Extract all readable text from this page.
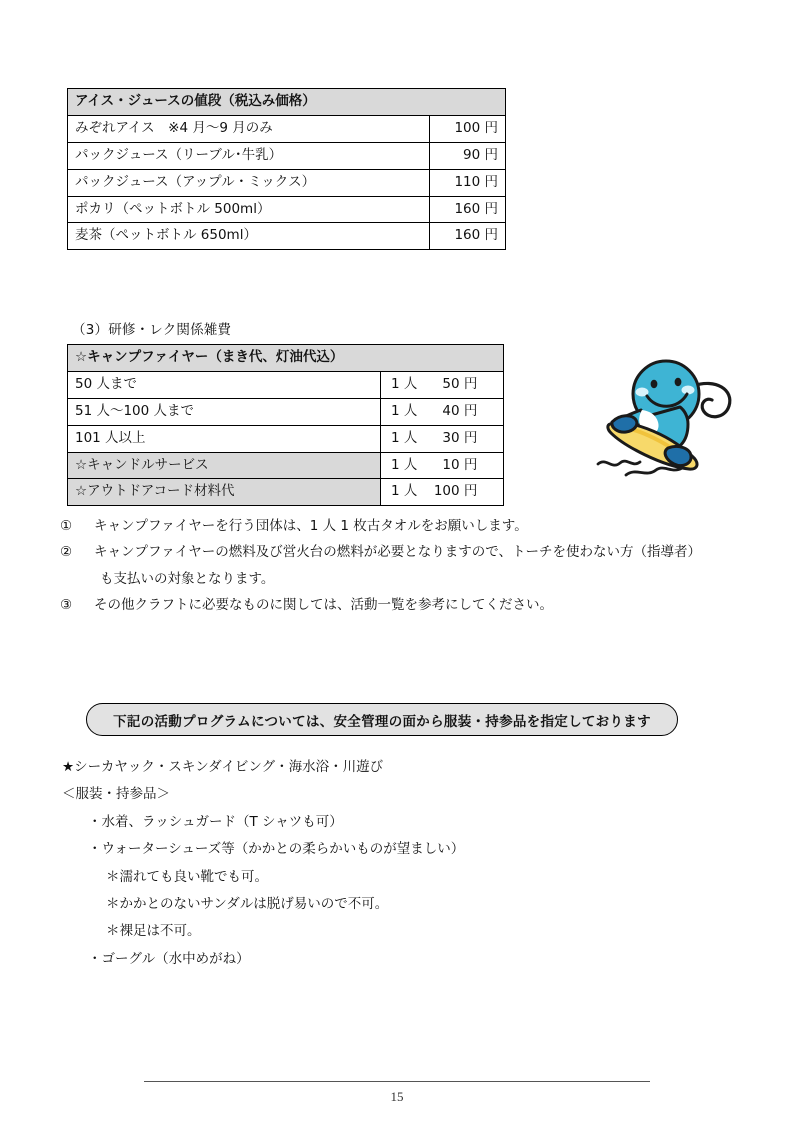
アイス・ジュースの値段（税込み価格）	
みぞれアイス　※4 月～9 月のみ	100 円
パックジュース（リーブル･牛乳）	90 円
パックジュース（アップル・ミックス）	110 円
ポカリ（ペットボトル 500ml）	160 円
麦茶（ペットボトル 650ml）	160 円
（3）研修・レク関係雑費
☆キャンプファイヤー（まき代、灯油代込）	
50 人まで	1 人 50 円
51 人～100 人まで	1 人 40 円
101 人以上	1 人 30 円
☆キャンドルサービス	1 人 10 円
☆アウトドアコード材料代	1 人 100 円
①	キャンプファイヤーを行う団体は、1 人 1 枚古タオルをお願いします。
②	キャンプファイヤーの燃料及び営火台の燃料が必要となりますので、トーチを使わない方（指導者）
も支払いの対象となります。
③	その他クラフトに必要なものに関しては、活動一覧を参考にしてください。
下記の活動プログラムについては、安全管理の面から服装・持参品を指定しております
★シーカヤック・スキンダイビング・海水浴・川遊び
＜服装・持参品＞
・水着、ラッシュガード（T シャツも可）
・ウォーターシューズ等（かかとの柔らかいものが望ましい）
＊濡れても良い靴でも可。
＊かかとのないサンダルは脱げ易いので不可。
＊裸足は不可。
・ゴーグル（水中めがね）
15
